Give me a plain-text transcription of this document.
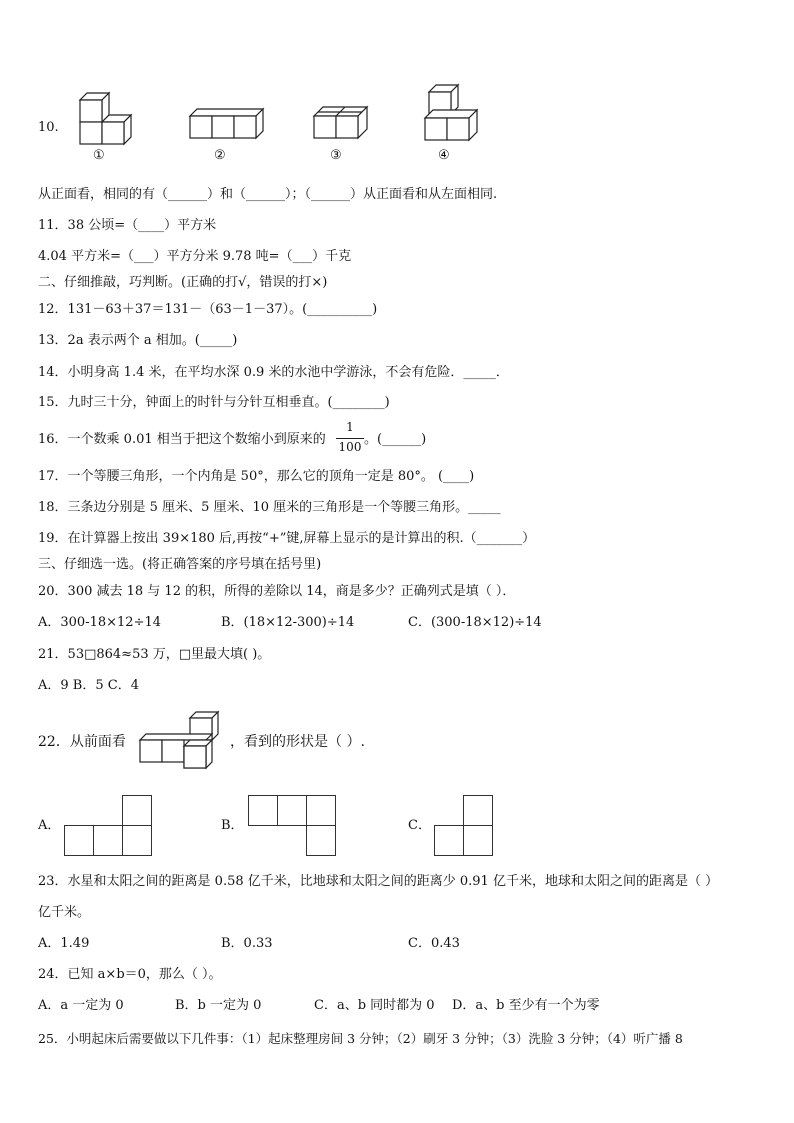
10.
①	②	③	④
从正面看，相同的有（______）和（______）；（______）从正面看和从左面相同.
11．38 公顷=（____）平方米
4.04 平方米=（___）平方分米 9.78 吨=（___）千克
二、仔细推敲，巧判断。(正确的打√，错误的打×)
12．131－63＋37＝131－（63－1－37）。(__________)
13．2a 表示两个 a 相加。(_____)
14．小明身高 1.4 米，在平均水深 0.9 米的水池中学游泳，不会有危险．_____．
15．九时三十分，钟面上的时针与分针互相垂直。(________)
16．一个数乘 0.01 相当于把这个数缩小到原来的	。(______)
1
100
17．一个等腰三角形，一个内角是 50°，那么它的顶角一定是 80°。 (____)
18．三条边分别是 5 厘米、5 厘米、10 厘米的三角形是一个等腰三角形。_____
19．在计算器上按出 39×180 后,再按“+”键,屏幕上显示的是计算出的积.（_______）
三、仔细选一选。(将正确答案的序号填在括号里)
20．300 减去 18 与 12 的积，所得的差除以 14，商是多少？正确列式是填（ ）．
A．300-18×12÷14	B．(18×12-300)÷14	C．(300-18×12)÷14
21．53□864≈53 万，□里最大填( )。
A．9 B．5 C．4
22．从前面看	，看到的形状是（ ）.
A．	B．	C．
23．水星和太阳之间的距离是 0.58 亿千米，比地球和太阳之间的距离少 0.91 亿千米，地球和太阳之间的距离是（ ）
亿千米。
A．1.49	B．0.33	C．0.43
24．已知 a×b＝0，那么（ ）。
A．a 一定为 0	B．b 一定为 0	C．a、b 同时都为 0 D．a、b 至少有一个为零
25．小明起床后需要做以下几件事：（1）起床整理房间 3 分钟；（2）刷牙 3 分钟；（3）洗脸 3 分钟；（4）听广播 8
